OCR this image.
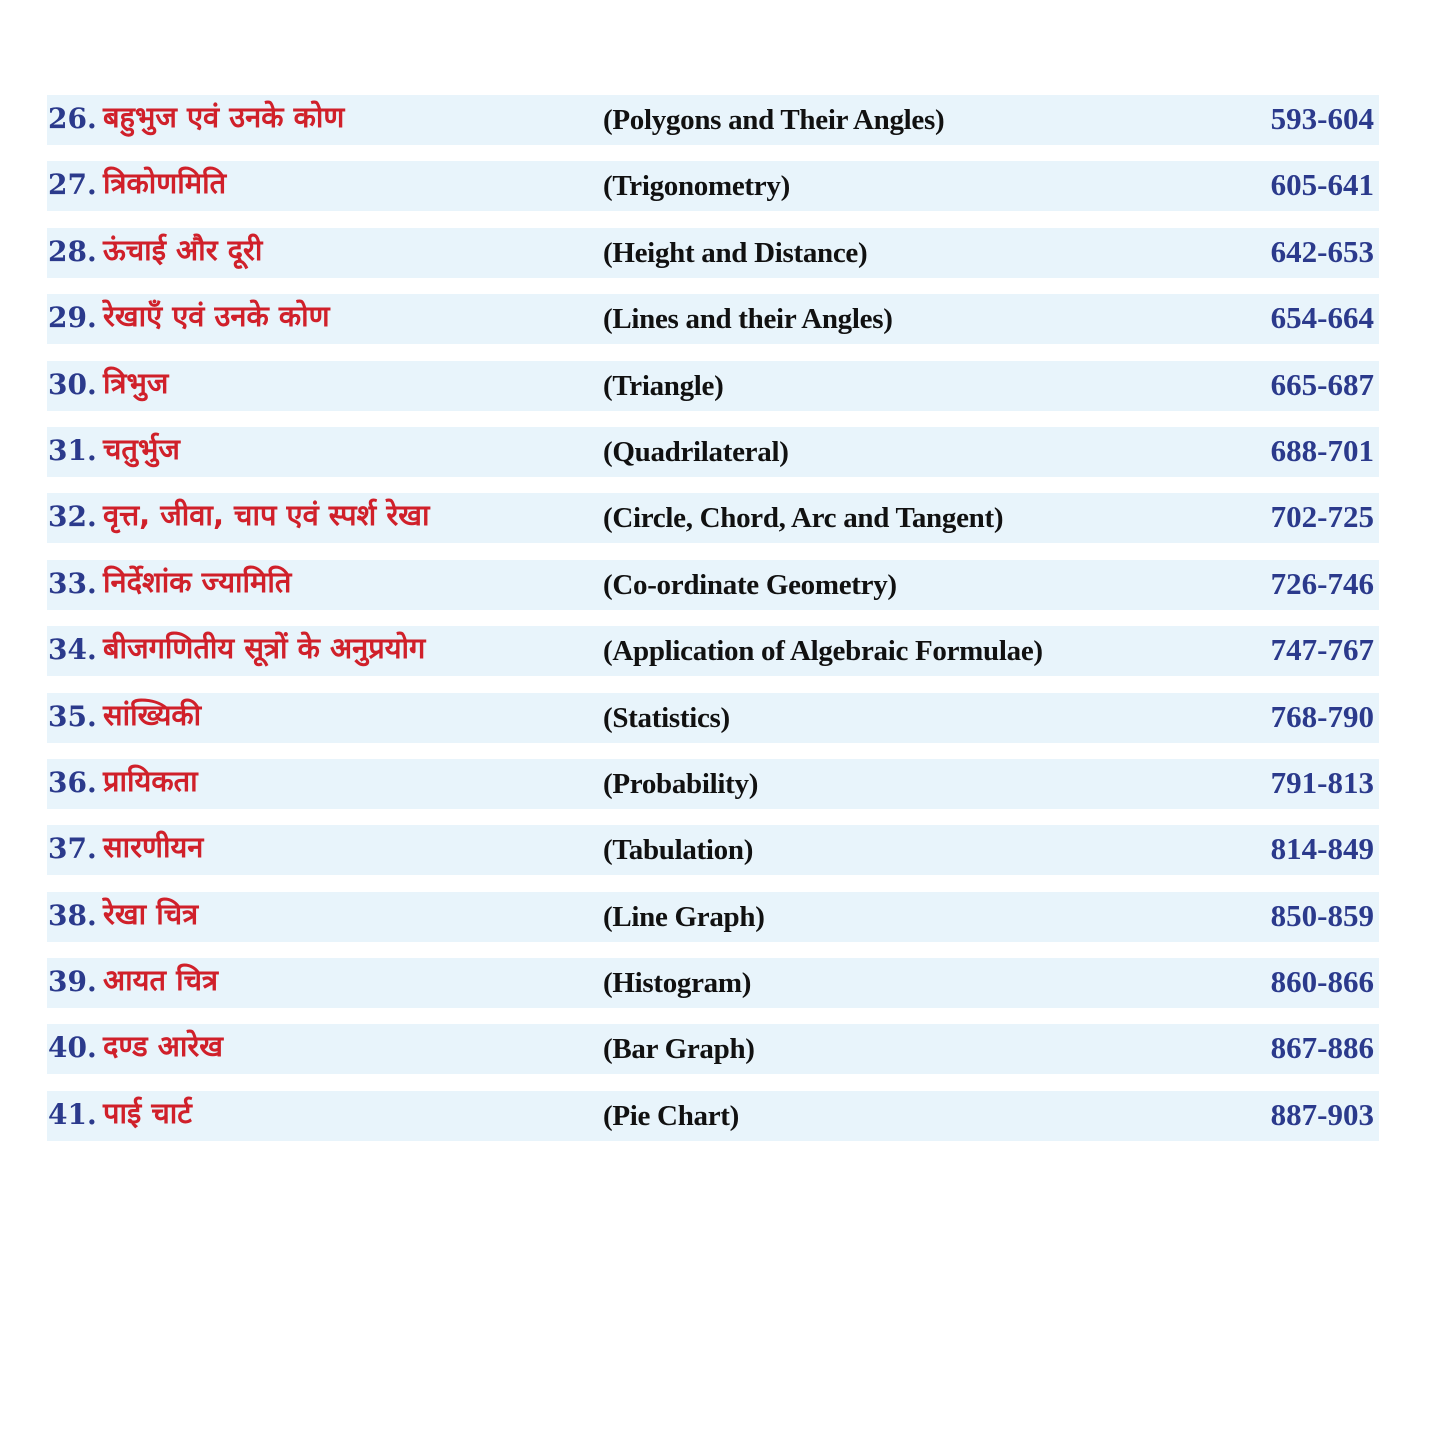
26. बहुभुज एवं उनके कोण	(Polygons and Their Angles)	593-604
27. त्रिकोणमिति	(Trigonometry)	605-641
28. ऊंचाई और दूरी	(Height and Distance)	642-653
29. रेखाएँ एवं उनके कोण	(Lines and their Angles)	654-664
30. त्रिभुज	(Triangle)	665-687
31. चतुर्भुज	(Quadrilateral)	688-701
32. वृत्त, जीवा, चाप एवं स्पर्श रेखा	(Circle, Chord, Arc and Tangent)	702-725
33. निर्देशांक ज्यामिति	(Co-ordinate Geometry)	726-746
34. बीजगणितीय सूत्रों के अनुप्रयोग	(Application of Algebraic Formulae)	747-767
35. सांख्यिकी	(Statistics)	768-790
36. प्रायिकता	(Probability)	791-813
37. सारणीयन	(Tabulation)	814-849
38. रेखा चित्र	(Line Graph)	850-859
39. आयत चित्र	(Histogram)	860-866
40. दण्ड आरेख	(Bar Graph)	867-886
41. पाई चार्ट	(Pie Chart)	887-903
